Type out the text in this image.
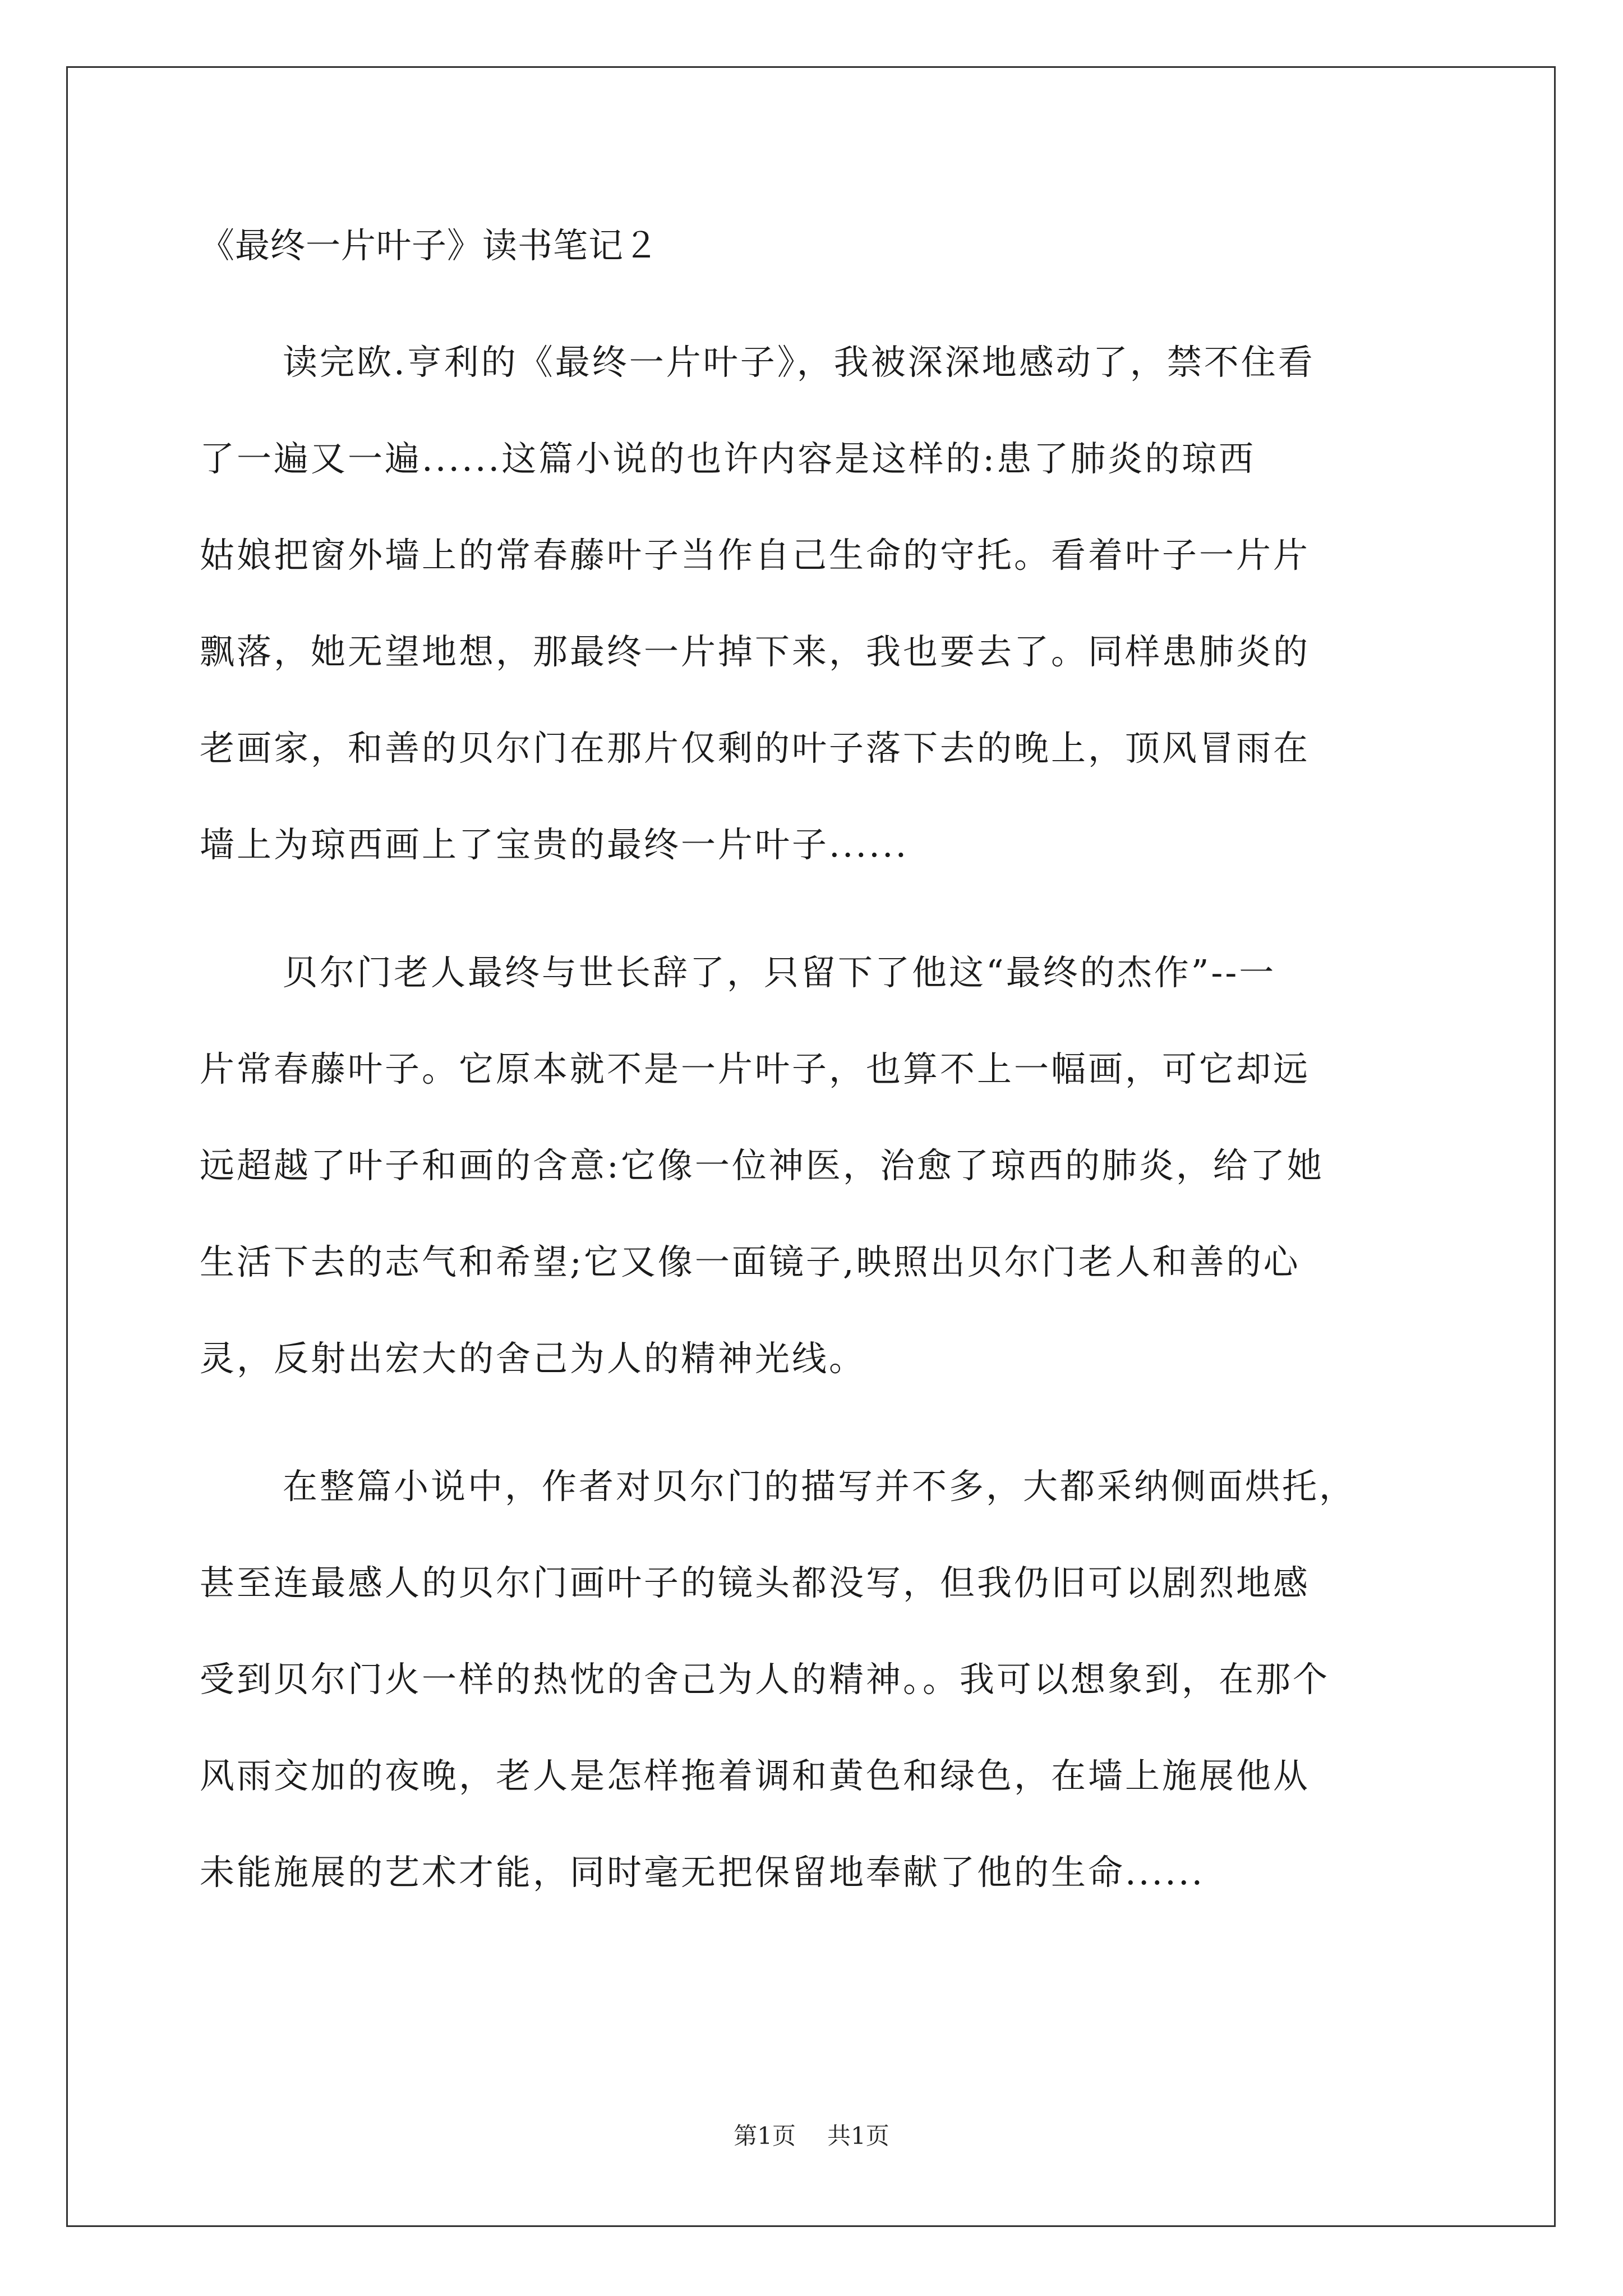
《最终一片叶子》读书笔记２

读完欧.亨利的《最终一片叶子》，我被深深地感动了，禁不住看
了一遍又一遍......这篇小说的也许内容是这样的:患了肺炎的琼西
姑娘把窗外墙上的常春藤叶子当作自己生命的守托。看着叶子一片片
飘落，她无望地想，那最终一片掉下来，我也要去了。同样患肺炎的
老画家，和善的贝尔门在那片仅剩的叶子落下去的晚上，顶风冒雨在
墙上为琼西画上了宝贵的最终一片叶子......

贝尔门老人最终与世长辞了，只留下了他这“最终的杰作”--一
片常春藤叶子。它原本就不是一片叶子，也算不上一幅画，可它却远
远超越了叶子和画的含意:它像一位神医，治愈了琼西的肺炎，给了她
生活下去的志气和希望;它又像一面镜子,映照出贝尔门老人和善的心
灵，反射出宏大的舍己为人的精神光线。

在整篇小说中，作者对贝尔门的描写并不多，大都采纳侧面烘托，
甚至连最感人的贝尔门画叶子的镜头都没写，但我仍旧可以剧烈地感
受到贝尔门火一样的热忱的舍己为人的精神。。我可以想象到，在那个
风雨交加的夜晚，老人是怎样拖着调和黄色和绿色，在墙上施展他从
未能施展的艺术才能，同时毫无把保留地奉献了他的生命......

第1页 共1页
